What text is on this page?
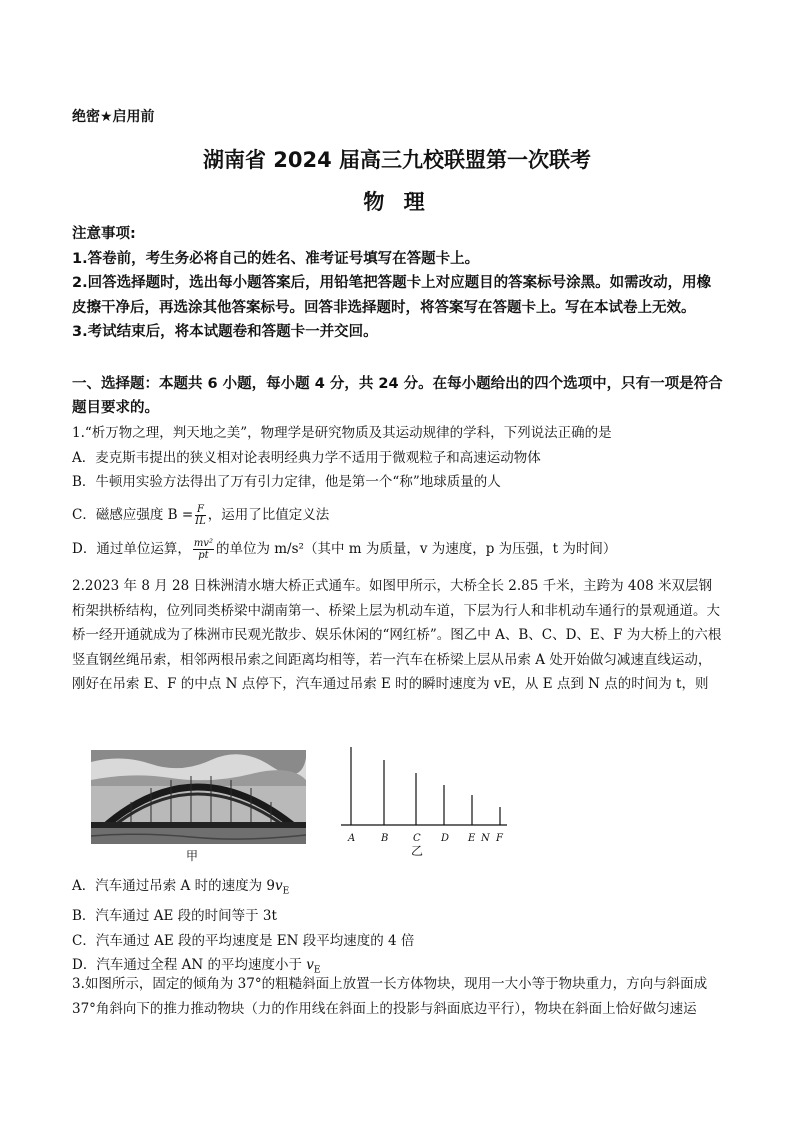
绝密★启用前
湖南省 2024 届高三九校联盟第一次联考
物 理

注意事项:

1.答卷前，考生务必将自己的姓名、准考证号填写在答题卡上。

2.回答选择题时，选出每小题答案后，用铅笔把答题卡上对应题目的答案标号涂黑。如需改动，用橡皮擦干净后，再选涂其他答案标号。回答非选择题时，将答案写在答题卡上。写在本试卷上无效。

3.考试结束后，将本试题卷和答题卡一并交回。

一、选择题：本题共 6 小题，每小题 4 分，共 24 分。在每小题给出的四个选项中，只有一项是符合题目要求的。

1.“析万物之理，判天地之美”，物理学是研究物质及其运动规律的学科，下列说法正确的是

A．麦克斯韦提出的狭义相对论表明经典力学不适用于微观粒子和高速运动物体

B．牛顿用实验方法得出了万有引力定律，他是第一个“称”地球质量的人

C．磁感应强度 $B = \frac{F}{IL}$ ，运用了比值定义法

D．通过单位运算， $\frac{\text{mv²}}{pt}$ 的单位为 m/s²（其中 m 为质量，v 为速度，p 为压强，t 为时间）

2.2023 年 8 月 28 日株洲清水塘大桥正式通车。如图甲所示，大桥全长 2.85 千米，主跨为 408 米双层钢桁架拱桥结构，位列同类桥梁中湖南第一、桥梁上层为机动车道，下层为行人和非机动车通行的景观通道。大桥一经开通就成为了株洲市民观光散步、娱乐休闲的“网红桥”。图乙中 A、B、C、D、E、F 为大桥上的六根竖直钢丝绳吊索，相邻两根吊索之间距离均相等，若一汽车在桥梁上层从吊索 A 处开始做匀减速直线运动，刚好在吊索 E、F 的中点 N 点停下，汽车通过吊索 E 时的瞬时速度为 vE，从 E 点到 N 点的时间为 t，则

甲
A	B C D E N F
乙

A．汽车通过吊索 A 时的速度为 $9v_E$

B．汽车通过 AE 段的时间等于 3t

C．汽车通过 AE 段的平均速度是 EN 段平均速度的 4 倍

D．汽车通过全程 AN 的平均速度小于 $v_E$

3.如图所示，固定的倾角为 37°的粗糙斜面上放置一长方体物块，现用一大小等于物块重力，方向与斜面成 37°角斜向下的推力推动物块（力的作用线在斜面上的投影与斜面底边平行），物块在斜面上恰好做匀速运
